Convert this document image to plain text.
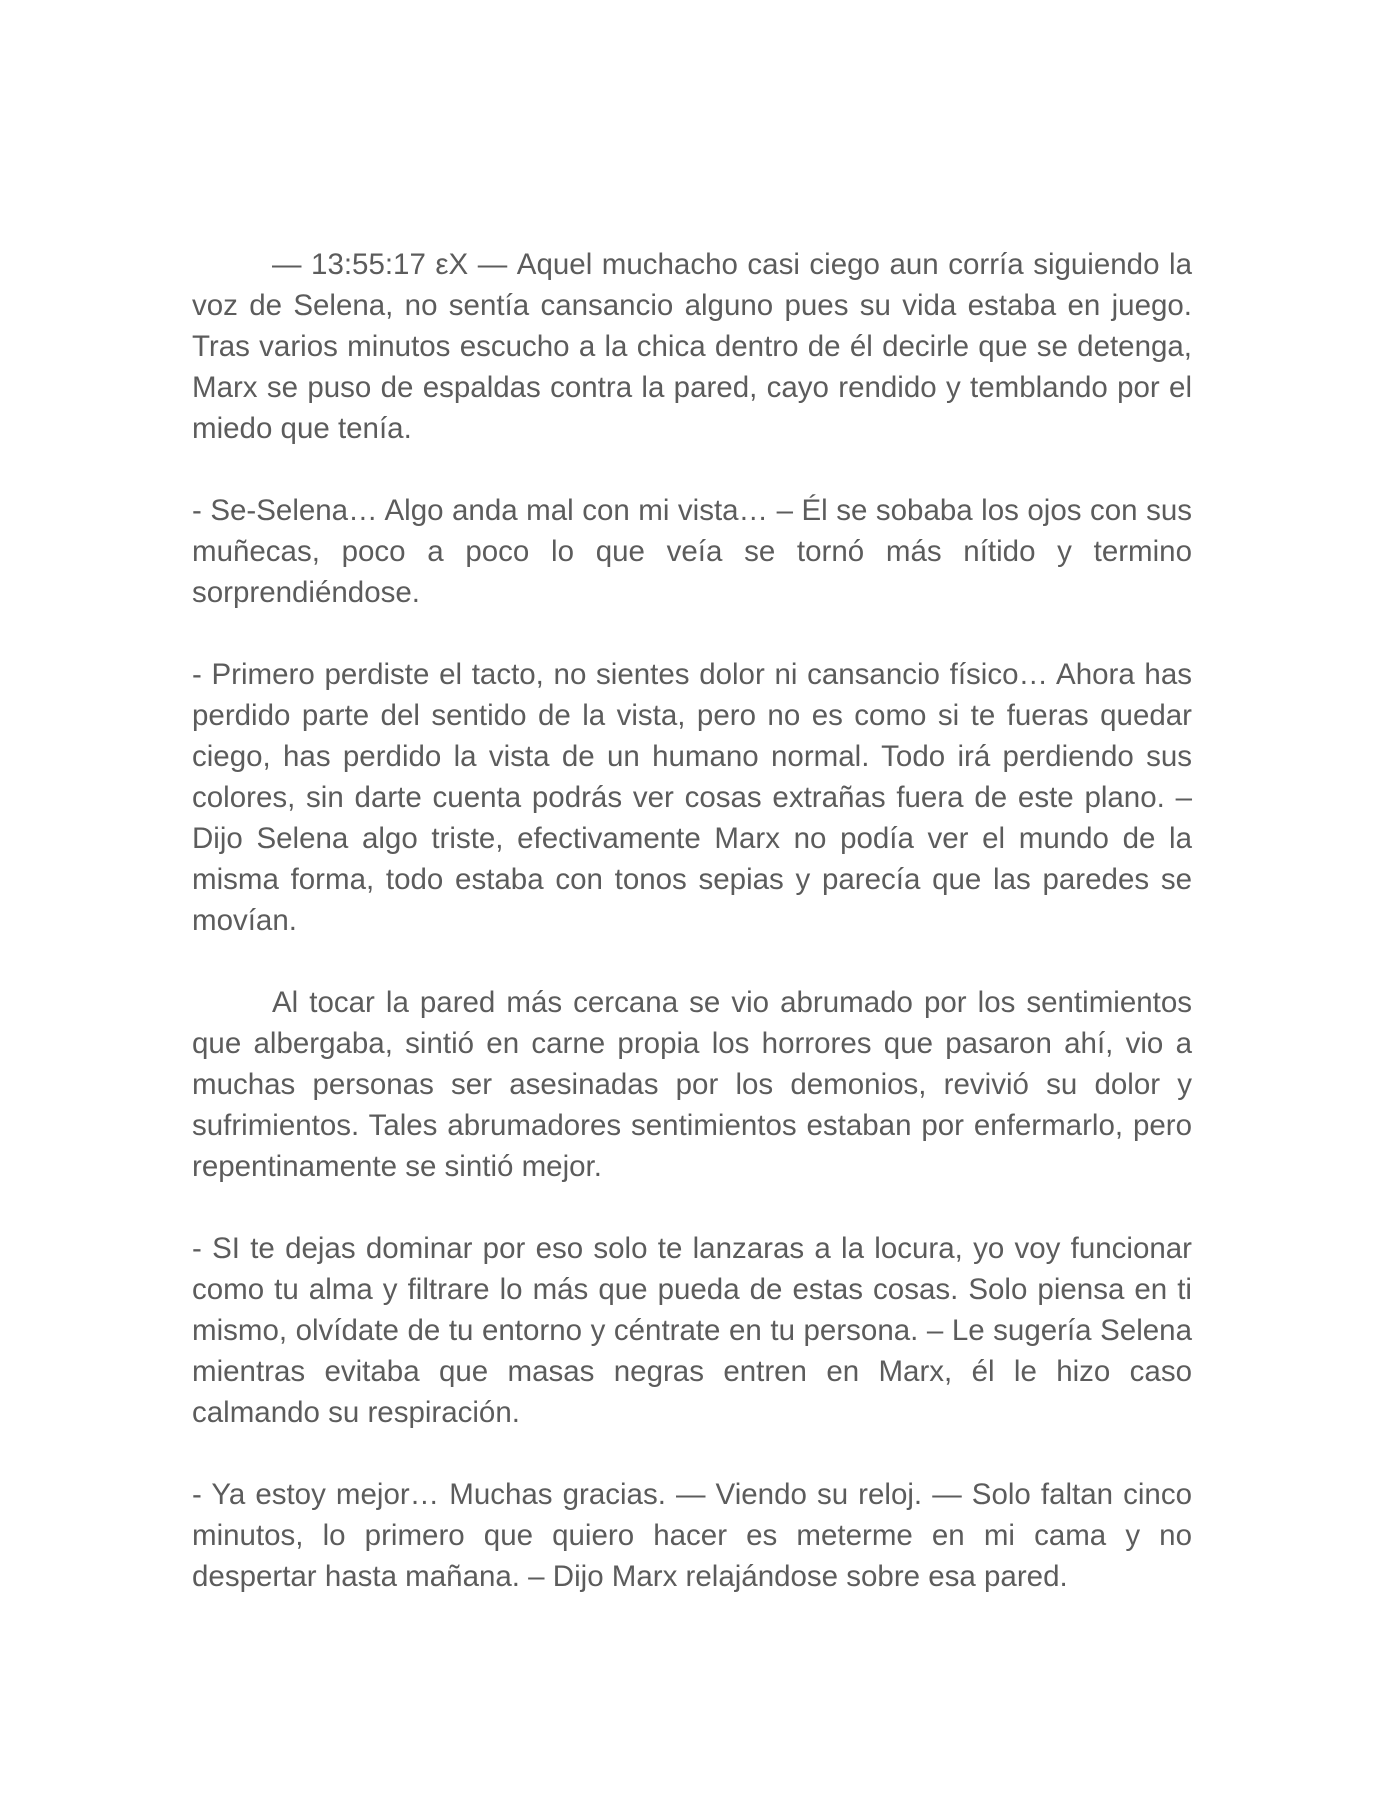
— 13:55:17 εΧ — Aquel muchacho casi ciego aun corría siguiendo la voz de Selena, no sentía cansancio alguno pues su vida estaba en juego. Tras varios minutos escucho a la chica dentro de él decirle que se detenga, Marx se puso de espaldas contra la pared, cayo rendido y temblando por el miedo que tenía.

- Se-Selena… Algo anda mal con mi vista… – Él se sobaba los ojos con sus muñecas, poco a poco lo que veía se tornó más nítido y termino sorprendiéndose.

- Primero perdiste el tacto, no sientes dolor ni cansancio físico… Ahora has perdido parte del sentido de la vista, pero no es como si te fueras quedar ciego, has perdido la vista de un humano normal. Todo irá perdiendo sus colores, sin darte cuenta podrás ver cosas extrañas fuera de este plano. – Dijo Selena algo triste, efectivamente Marx no podía ver el mundo de la misma forma, todo estaba con tonos sepias y parecía que las paredes se movían.

Al tocar la pared más cercana se vio abrumado por los sentimientos que albergaba, sintió en carne propia los horrores que pasaron ahí, vio a muchas personas ser asesinadas por los demonios, revivió su dolor y sufrimientos. Tales abrumadores sentimientos estaban por enfermarlo, pero repentinamente se sintió mejor.

- SI te dejas dominar por eso solo te lanzaras a la locura, yo voy funcionar como tu alma y filtrare lo más que pueda de estas cosas. Solo piensa en ti mismo, olvídate de tu entorno y céntrate en tu persona. – Le sugería Selena mientras evitaba que masas negras entren en Marx, él le hizo caso calmando su respiración.

- Ya estoy mejor… Muchas gracias. — Viendo su reloj. — Solo faltan cinco minutos, lo primero que quiero hacer es meterme en mi cama y no despertar hasta mañana. – Dijo Marx relajándose sobre esa pared.
